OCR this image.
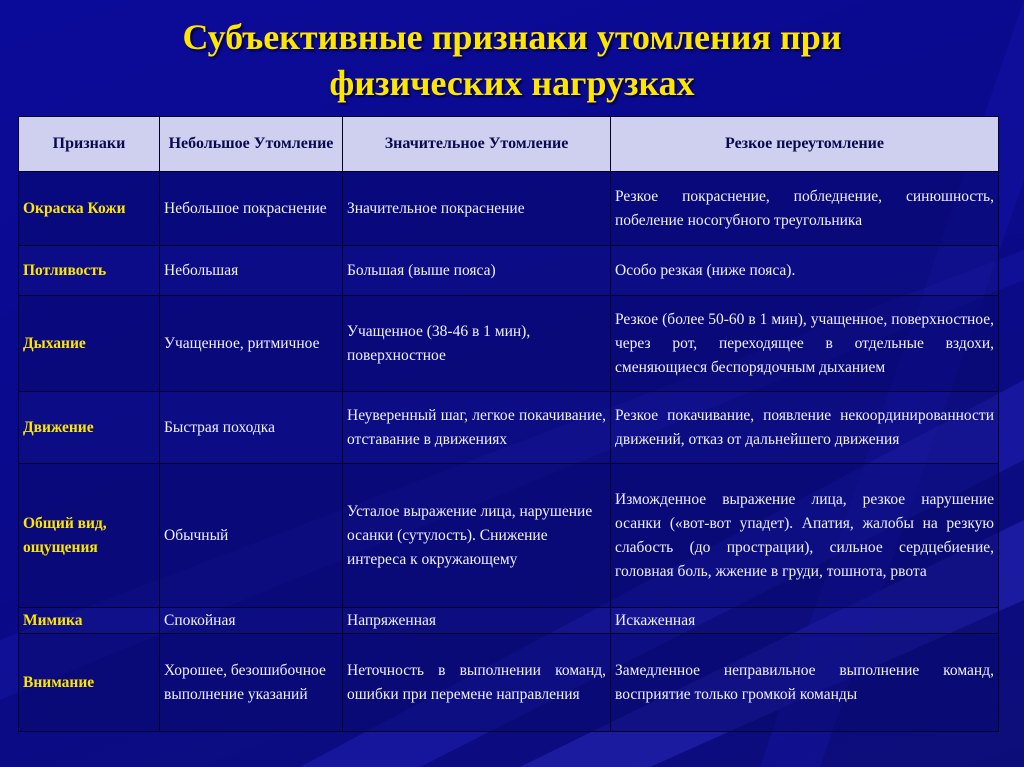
Субъективные признаки утомления при
физических нагрузках
Признаки	Небольшое Утомление	Значительное Утомление	Резкое переутомление
Окраска Кожи	Небольшое покраснение	Значительное покраснение	Резкое покраснение, побледнение, синюшность, побеление носогубного треугольника
Потливость	Небольшая	Большая (выше пояса)	Особо резкая (ниже пояса).
Дыхание	Учащенное, ритмичное	Учащенное (38-46 в 1 мин), поверхностное	Резкое (более 50-60 в 1 мин), учащенное, поверхностное, через рот, переходящее в отдельные вздохи, сменяющиеся беспорядочным дыханием
Движение	Быстрая походка	Неуверенный шаг, легкое покачивание, отставание в движениях	Резкое покачивание, появление некоординированности движений, отказ от дальнейшего движения
Общий вид, ощущения	Обычный	Усталое выражение лица, нарушение осанки (сутулость). Снижение интереса к окружающему	Изможденное выражение лица, резкое нарушение осанки («вот-вот упадет). Апатия, жалобы на резкую слабость (до прострации), сильное сердцебиение, головная боль, жжение в груди, тошнота, рвота
Мимика	Спокойная	Напряженная	Искаженная
Внимание	Хорошее, безошибочное выполнение указаний	Неточность в выполнении команд, ошибки при перемене направления	Замедленное неправильное выполнение команд, восприятие только громкой команды
